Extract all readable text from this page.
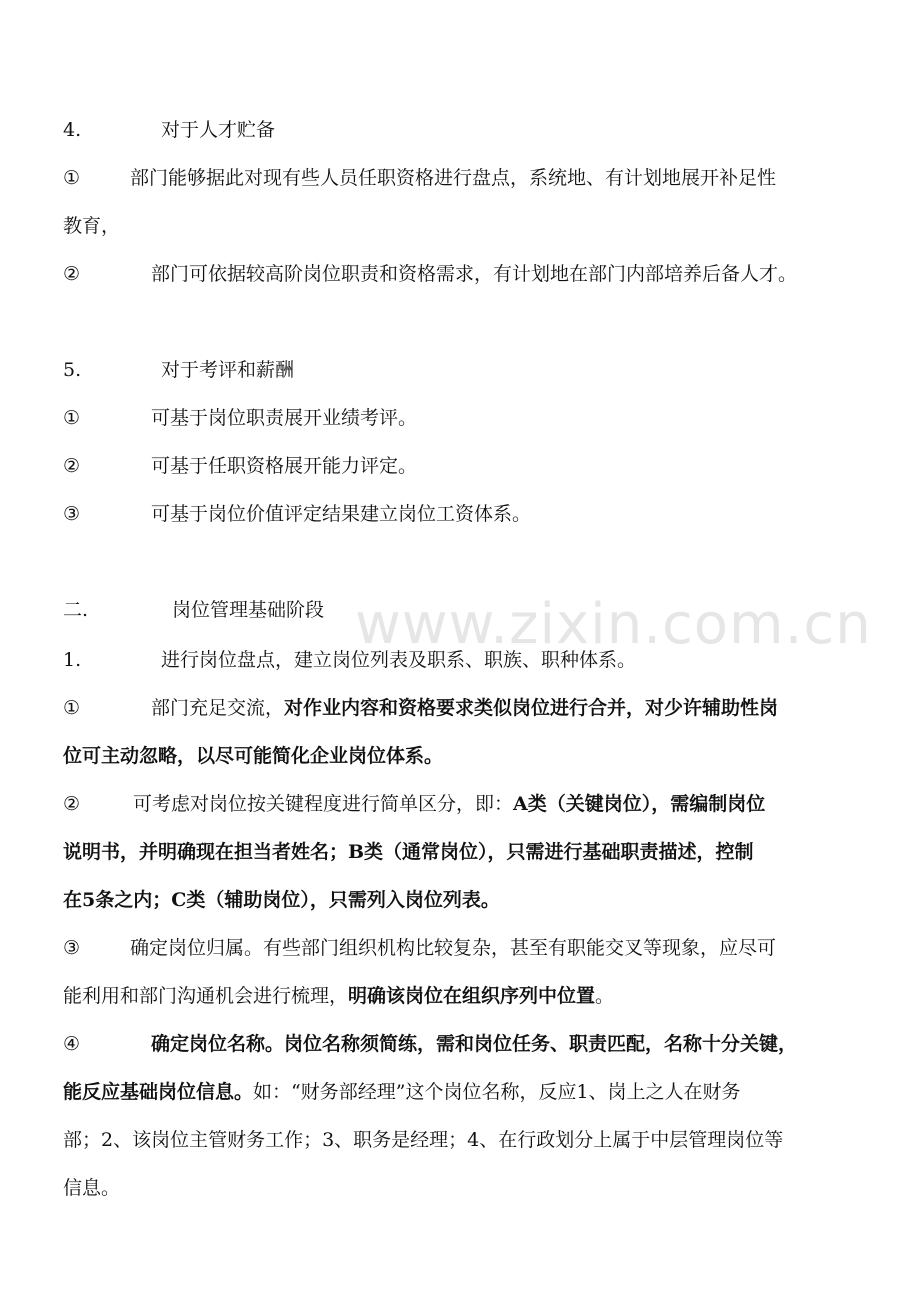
www.zixin.com.cn
4.	对于人才贮备
①	部门能够据此对现有些人员任职资格进行盘点，系统地、有计划地展开补足性
教育，
②	部门可依据较高阶岗位职责和资格需求，有计划地在部门内部培养后备人才。
5.	对于考评和薪酬
①	可基于岗位职责展开业绩考评。
②	可基于任职资格展开能力评定。
③	可基于岗位价值评定结果建立岗位工资体系。
二.	岗位管理基础阶段
1.	进行岗位盘点，建立岗位列表及职系、职族、职种体系。
①	部门充足交流，对作业内容和资格要求类似岗位进行合并，对少许辅助性岗
位可主动忽略，以尽可能简化企业岗位体系。
②	可考虑对岗位按关键程度进行简单区分，即：A类（关键岗位），需编制岗位
说明书，并明确现在担当者姓名；B类（通常岗位），只需进行基础职责描述，控制
在5条之内；C类（辅助岗位），只需列入岗位列表。
③	确定岗位归属。有些部门组织机构比较复杂，甚至有职能交叉等现象，应尽可
能利用和部门沟通机会进行梳理，明确该岗位在组织序列中位置。
④	确定岗位名称。岗位名称须简练，需和岗位任务、职责匹配，名称十分关键，
能反应基础岗位信息。如：“财务部经理”这个岗位名称，反应1、岗上之人在财务
部；2、该岗位主管财务工作；3、职务是经理；4、在行政划分上属于中层管理岗位等
信息。
